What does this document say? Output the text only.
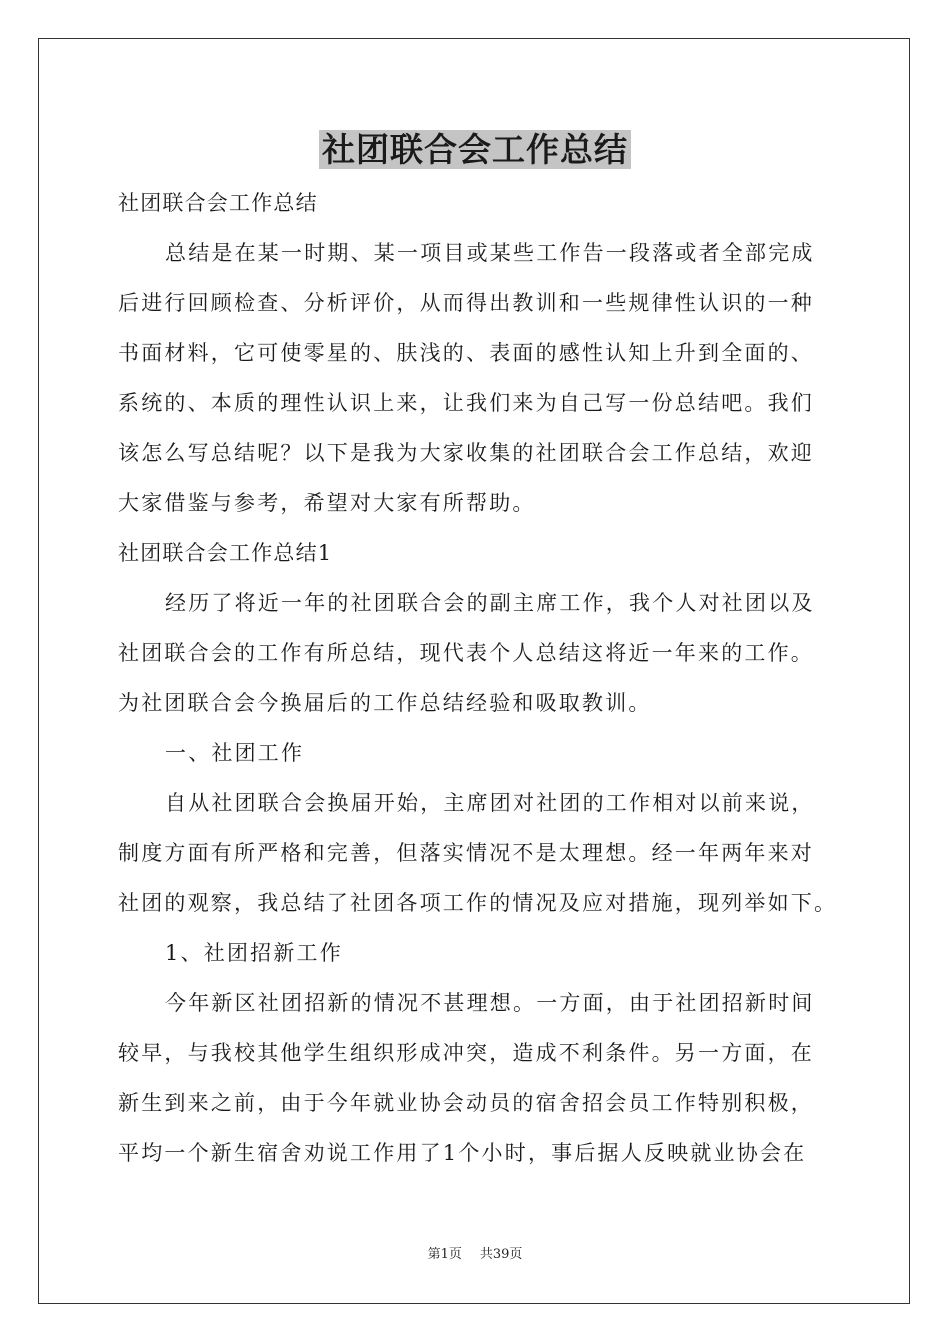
社团联合会工作总结
社团联合会工作总结
总结是在某一时期、某一项目或某些工作告一段落或者全部完成
后进行回顾检查、分析评价，从而得出教训和一些规律性认识的一种
书面材料，它可使零星的、肤浅的、表面的感性认知上升到全面的、
系统的、本质的理性认识上来，让我们来为自己写一份总结吧。我们
该怎么写总结呢？以下是我为大家收集的社团联合会工作总结，欢迎
大家借鉴与参考，希望对大家有所帮助。
社团联合会工作总结1
经历了将近一年的社团联合会的副主席工作，我个人对社团以及
社团联合会的工作有所总结，现代表个人总结这将近一年来的工作。
为社团联合会今换届后的工作总结经验和吸取教训。
一、社团工作
自从社团联合会换届开始，主席团对社团的工作相对以前来说，
制度方面有所严格和完善，但落实情况不是太理想。经一年两年来对
社团的观察，我总结了社团各项工作的情况及应对措施，现列举如下。
1、社团招新工作
今年新区社团招新的情况不甚理想。一方面，由于社团招新时间
较早，与我校其他学生组织形成冲突，造成不利条件。另一方面，在
新生到来之前，由于今年就业协会动员的宿舍招会员工作特别积极，
平均一个新生宿舍劝说工作用了1个小时，事后据人反映就业协会在
第1页 共39页
